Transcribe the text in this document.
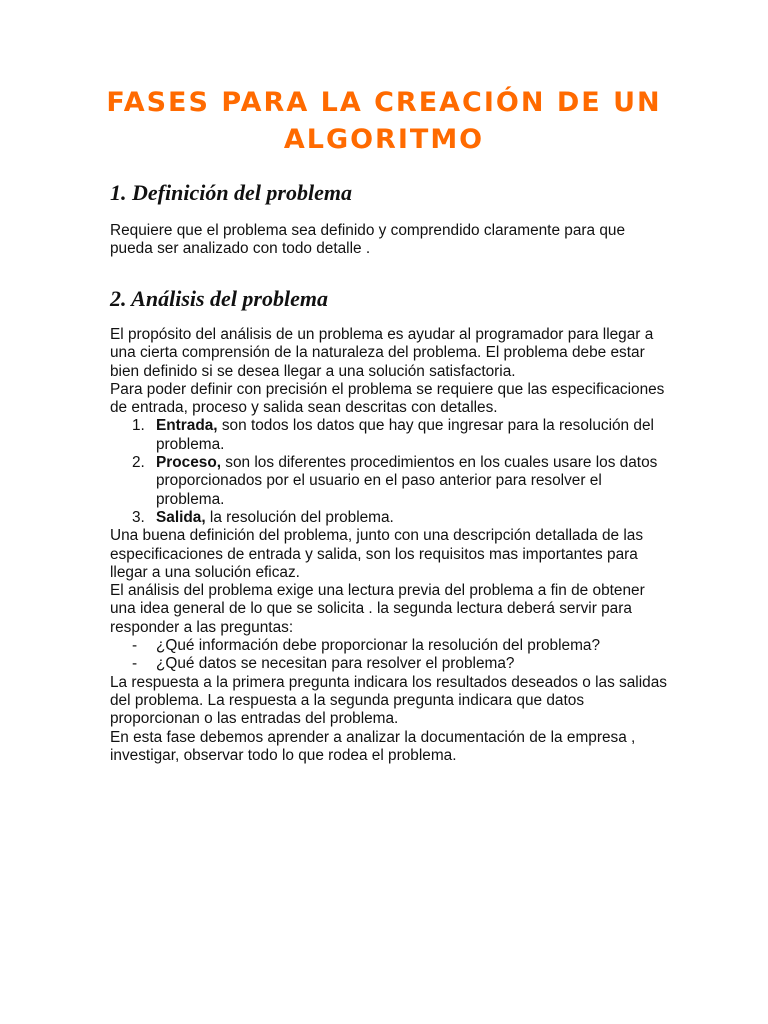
FASES PARA LA CREACIÓN DE UN
ALGORITMO
1. Definición del problema

Requiere que el problema sea definido y comprendido claramente para que pueda ser analizado con todo detalle .

2. Análisis del problema

El propósito del análisis de un problema es ayudar al programador para llegar a una cierta comprensión de la naturaleza del problema. El problema debe estar bien definido si se desea llegar a una solución satisfactoria.

Para poder definir con precisión el problema se requiere que las especificaciones de entrada, proceso y salida sean descritas con detalles.

1. Entrada, son todos los datos que hay que ingresar para la resolución del problema.
2. Proceso, son los diferentes procedimientos en los cuales usare los datos proporcionados por el usuario en el paso anterior para resolver el problema.
3. Salida, la resolución del problema.

Una buena definición del problema, junto con una descripción detallada de las especificaciones de entrada y salida, son los requisitos mas importantes para llegar a una solución eficaz.

El análisis del problema exige una lectura previa del problema a fin de obtener una idea general de lo que se solicita . la segunda lectura deberá servir para responder a las preguntas:

- ¿Qué información debe proporcionar la resolución del problema?
- ¿Qué datos se necesitan para resolver el problema?

La respuesta a la primera pregunta indicara los resultados deseados o las salidas del problema. La respuesta a la segunda pregunta indicara que datos proporcionan o las entradas del problema.

En esta fase debemos aprender a analizar la documentación de la empresa , investigar, observar todo lo que rodea el problema.
